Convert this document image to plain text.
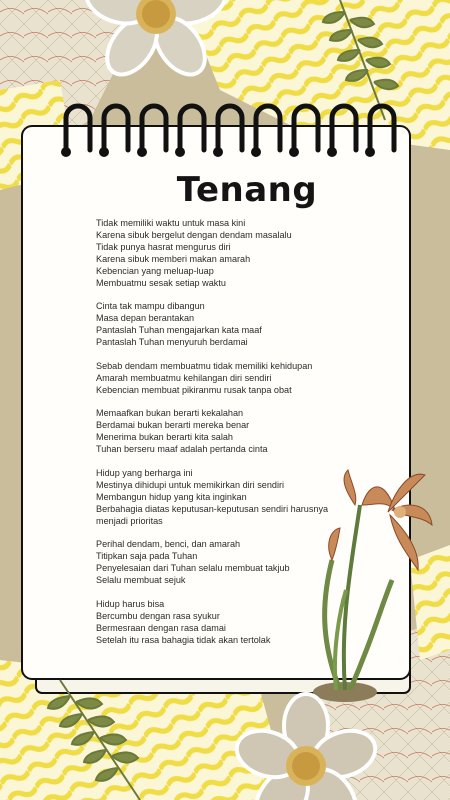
Tenang
Tidak memiliki waktu untuk masa kini
Karena sibuk bergelut dengan dendam masalalu
Tidak punya hasrat mengurus diri
Karena sibuk memberi makan amarah
Kebencian yang meluap-luap
Membuatmu sesak setiap waktu
Cinta tak mampu dibangun
Masa depan berantakan
Pantaslah Tuhan mengajarkan kata maaf
Pantaslah Tuhan menyuruh berdamai
Sebab dendam membuatmu tidak memiliki kehidupan
Amarah membuatmu kehilangan diri sendiri
Kebencian membuat pikiranmu rusak tanpa obat
Memaafkan bukan berarti kekalahan
Berdamai bukan berarti mereka benar
Menerima bukan berarti kita salah
Tuhan berseru maaf adalah pertanda cinta
Hidup yang berharga ini
Mestinya dihidupi untuk memikirkan diri sendiri
Membangun hidup yang kita inginkan
Berbahagia diatas keputusan-keputusan sendiri harusnya menjadi prioritas
Perihal dendam, benci, dan amarah
Titipkan saja pada Tuhan
Penyelesaian dari Tuhan selalu membuat takjub
Selalu membuat sejuk
Hidup harus bisa
Bercumbu dengan rasa syukur
Bermesraan dengan rasa damai
Setelah itu rasa bahagia tidak akan tertolak
